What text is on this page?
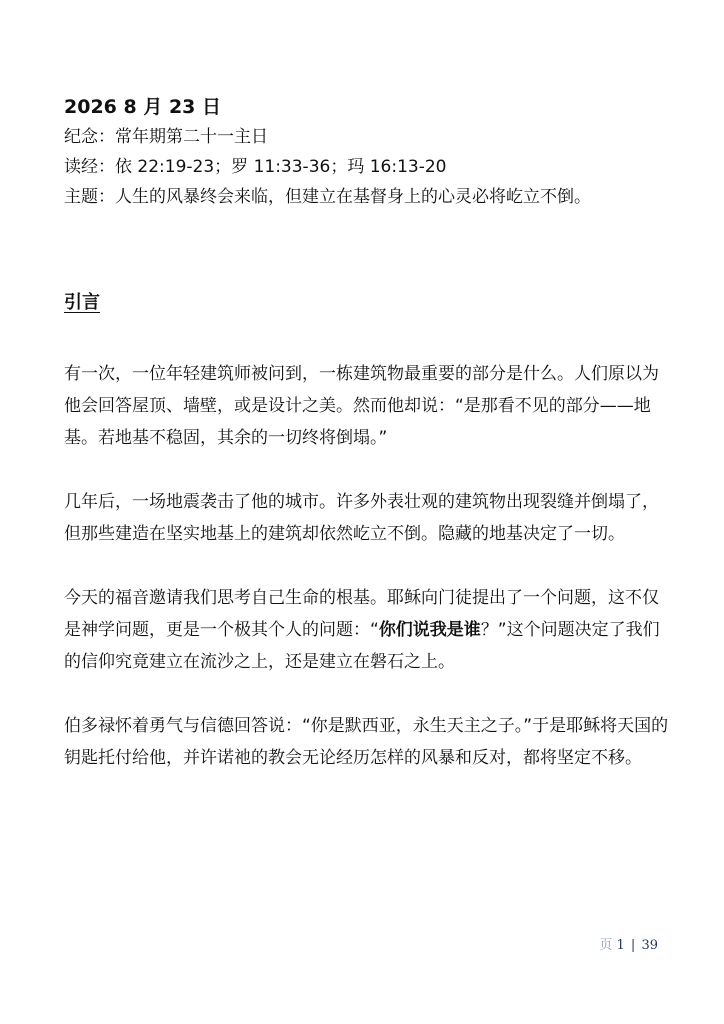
2026 8 月 23 日

纪念：常年期第二十一主日

读经：依 22:19-23；罗 11:33-36；玛 16:13-20

主题：人生的风暴终会来临，但建立在基督身上的心灵必将屹立不倒。

引言

有一次，一位年轻建筑师被问到，一栋建筑物最重要的部分是什么。人们原以为他会回答屋顶、墙壁，或是设计之美。然而他却说：“是那看不见的部分——地基。若地基不稳固，其余的一切终将倒塌。”

几年后，一场地震袭击了他的城市。许多外表壮观的建筑物出现裂缝并倒塌了，但那些建造在坚实地基上的建筑却依然屹立不倒。隐藏的地基决定了一切。

今天的福音邀请我们思考自己生命的根基。耶稣向门徒提出了一个问题，这不仅是神学问题，更是一个极其个人的问题：“你们说我是谁？”这个问题决定了我们的信仰究竟建立在流沙之上，还是建立在磐石之上。

伯多禄怀着勇气与信德回答说：“你是默西亚，永生天主之子。”于是耶稣将天国的钥匙托付给他，并许诺祂的教会无论经历怎样的风暴和反对，都将坚定不移。

页 1 | 39
